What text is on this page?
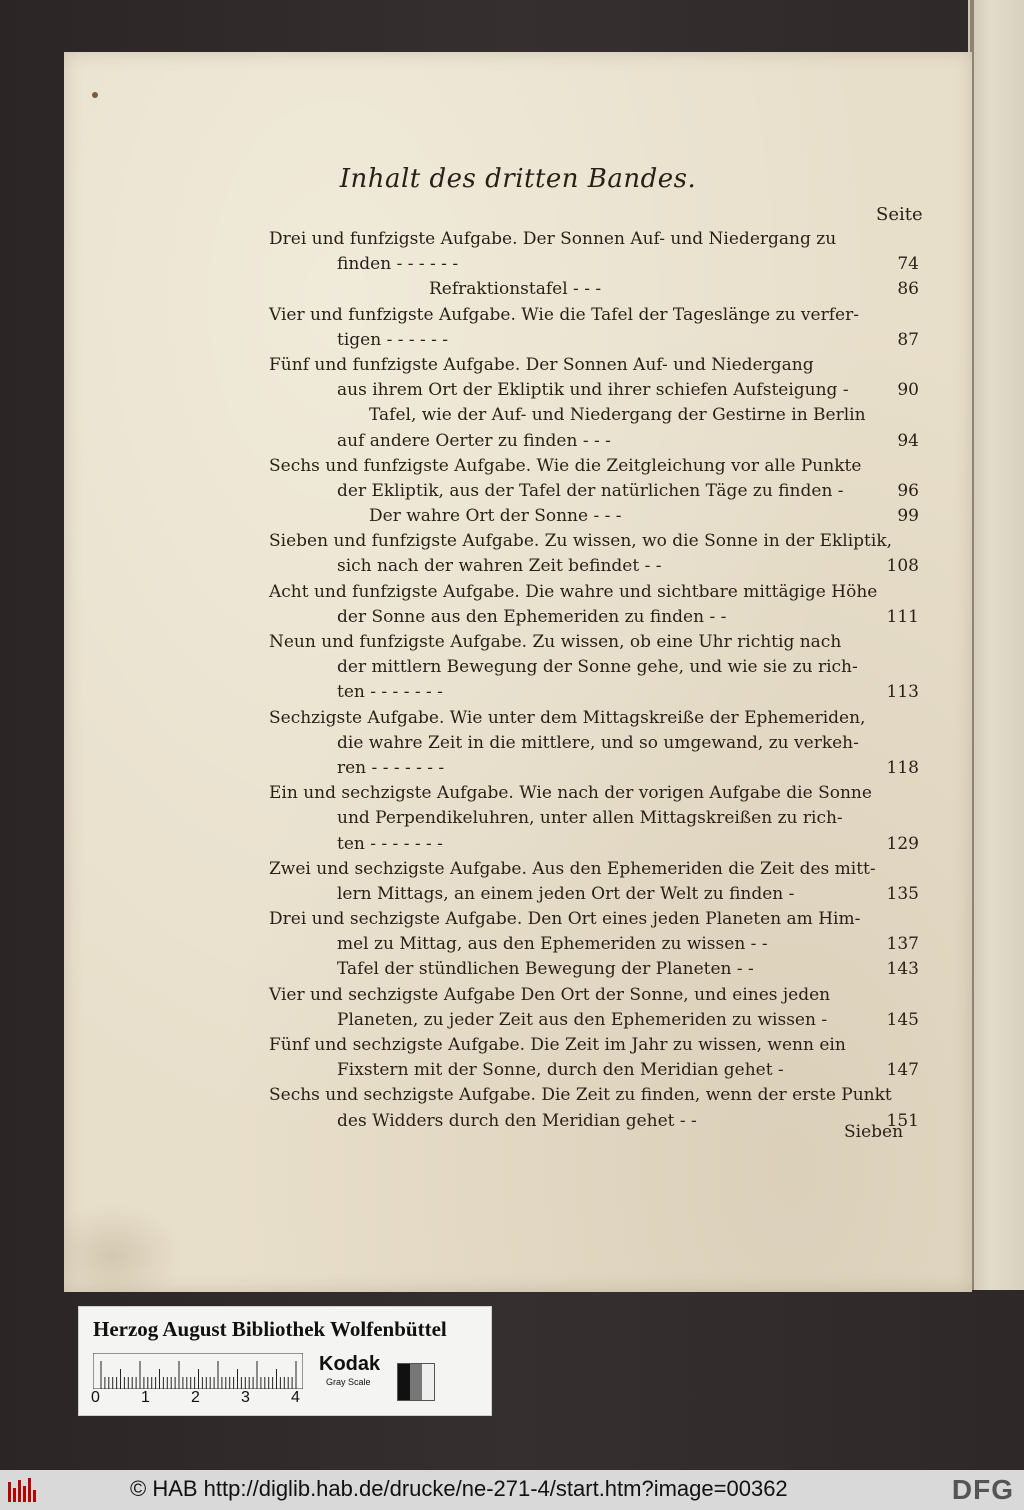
Inhalt des dritten Bandes.
Seite
Drei und funfzigste Aufgabe. Der Sonnen Auf- und Niedergang zu
finden - - - - - -	74
Refraktionstafel - - -	86
Vier und funfzigste Aufgabe. Wie die Tafel der Tageslänge zu verfer-
tigen - - - - - -	87
Fünf und funfzigste Aufgabe. Der Sonnen Auf- und Niedergang
aus ihrem Ort der Ekliptik und ihrer schiefen Aufsteigung -	90
Tafel, wie der Auf- und Niedergang der Gestirne in Berlin
auf andere Oerter zu finden - - -	94
Sechs und funfzigste Aufgabe. Wie die Zeitgleichung vor alle Punkte
der Ekliptik, aus der Tafel der natürlichen Täge zu finden -	96
Der wahre Ort der Sonne - - -	99
Sieben und funfzigste Aufgabe. Zu wissen, wo die Sonne in der Ekliptik,
sich nach der wahren Zeit befindet - -	108
Acht und funfzigste Aufgabe. Die wahre und sichtbare mittägige Höhe
der Sonne aus den Ephemeriden zu finden - -	111
Neun und funfzigste Aufgabe. Zu wissen, ob eine Uhr richtig nach
der mittlern Bewegung der Sonne gehe, und wie sie zu rich-
ten - - - - - - -	113
Sechzigste Aufgabe. Wie unter dem Mittagskreiße der Ephemeriden,
die wahre Zeit in die mittlere, und so umgewand, zu verkeh-
ren - - - - - - -	118
Ein und sechzigste Aufgabe. Wie nach der vorigen Aufgabe die Sonne
und Perpendikeluhren, unter allen Mittagskreißen zu rich-
ten - - - - - - -	129
Zwei und sechzigste Aufgabe. Aus den Ephemeriden die Zeit des mitt-
lern Mittags, an einem jeden Ort der Welt zu finden -	135
Drei und sechzigste Aufgabe. Den Ort eines jeden Planeten am Him-
mel zu Mittag, aus den Ephemeriden zu wissen - -	137
Tafel der stündlichen Bewegung der Planeten - -	143
Vier und sechzigste Aufgabe Den Ort der Sonne, und eines jeden
Planeten, zu jeder Zeit aus den Ephemeriden zu wissen -	145
Fünf und sechzigste Aufgabe. Die Zeit im Jahr zu wissen, wenn ein
Fixstern mit der Sonne, durch den Meridian gehet -	147
Sechs und sechzigste Aufgabe. Die Zeit zu finden, wenn der erste Punkt
des Widders durch den Meridian gehet - -	151
Sieben
Herzog August Bibliothek Wolfenbüttel
0	1	2	3	4
Kodak
Gray Scale
© HAB http://diglib.hab.de/drucke/ne-271-4/start.htm?image=00362	DFG
